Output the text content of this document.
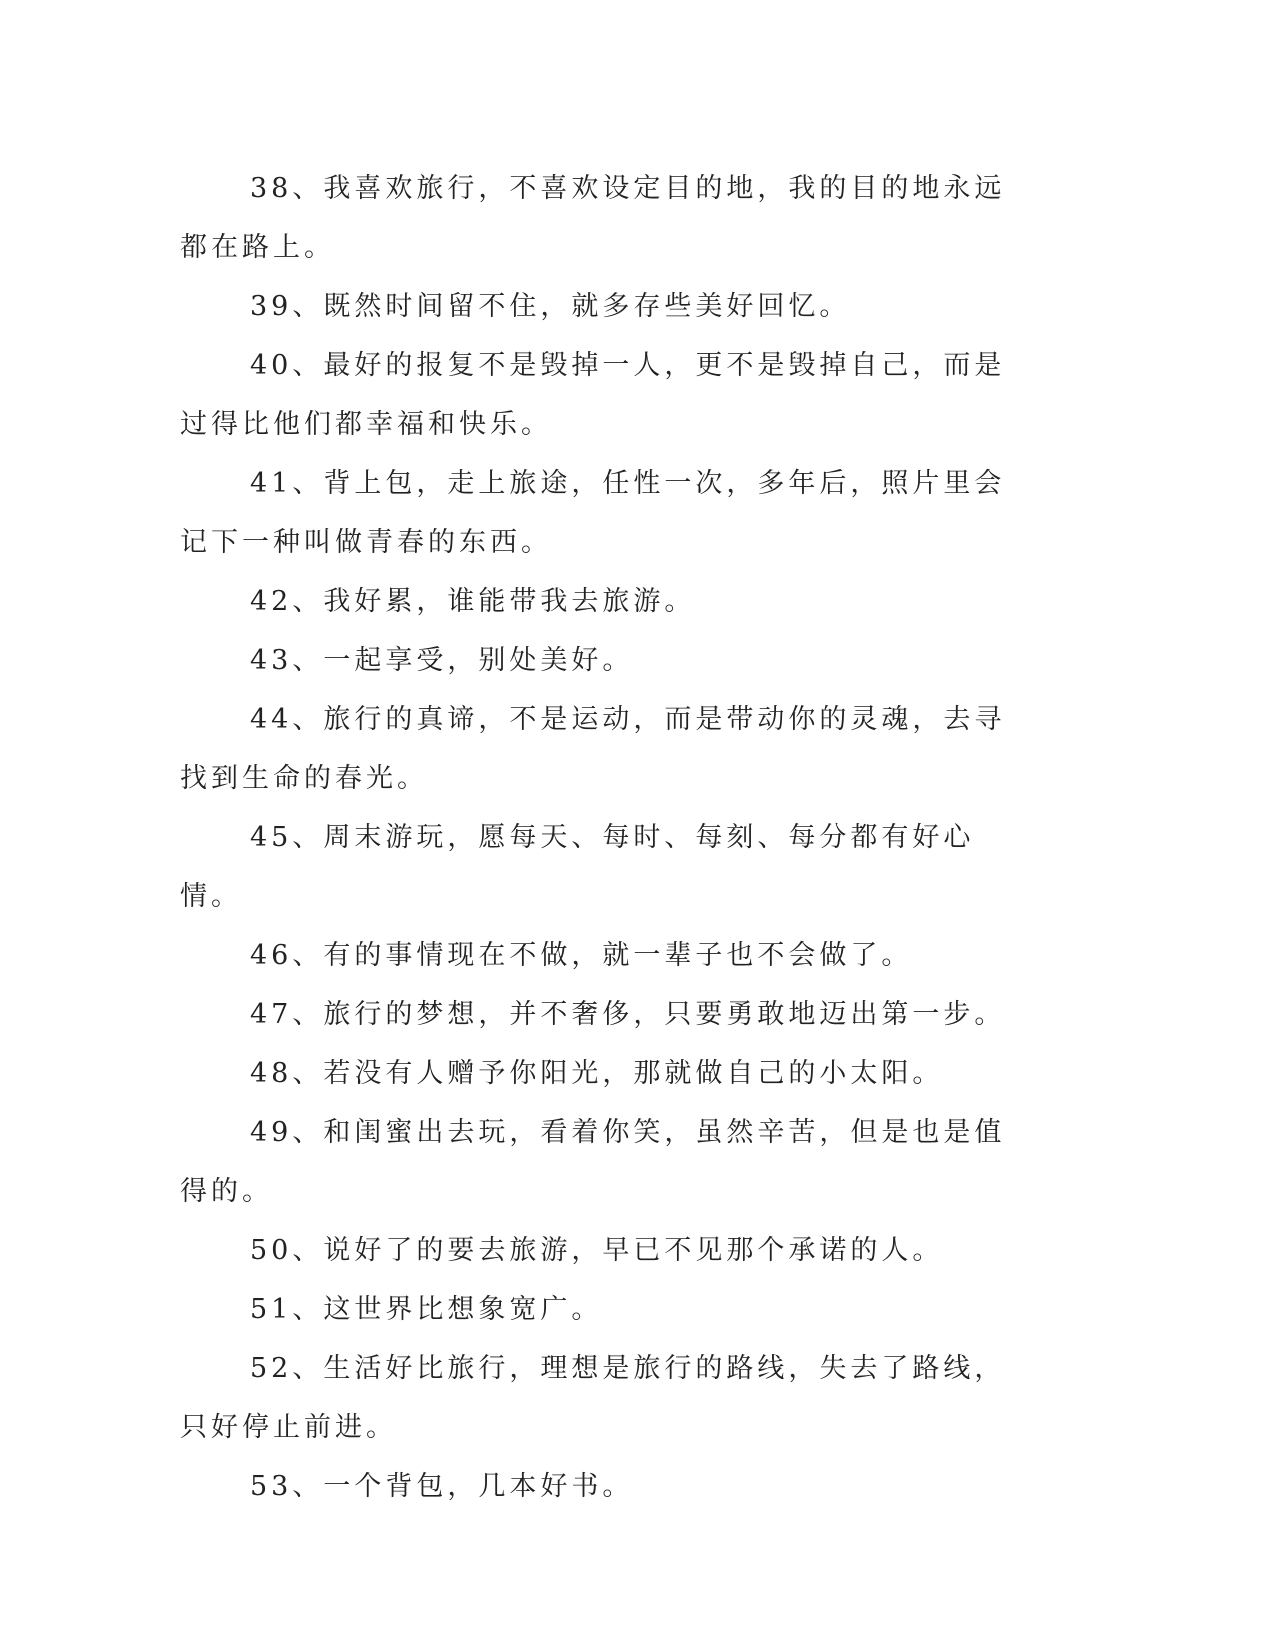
38、我喜欢旅行，不喜欢设定目的地，我的目的地永远都在路上。

39、既然时间留不住，就多存些美好回忆。

40、最好的报复不是毁掉一人，更不是毁掉自己，而是过得比他们都幸福和快乐。

41、背上包，走上旅途，任性一次，多年后，照片里会记下一种叫做青春的东西。

42、我好累，谁能带我去旅游。

43、一起享受，别处美好。

44、旅行的真谛，不是运动，而是带动你的灵魂，去寻找到生命的春光。

45、周末游玩，愿每天、每时、每刻、每分都有好心情。

46、有的事情现在不做，就一辈子也不会做了。

47、旅行的梦想，并不奢侈，只要勇敢地迈出第一步。

48、若没有人赠予你阳光，那就做自己的小太阳。

49、和闺蜜出去玩，看着你笑，虽然辛苦，但是也是值得的。

50、说好了的要去旅游，早已不见那个承诺的人。

51、这世界比想象宽广。

52、生活好比旅行，理想是旅行的路线，失去了路线，只好停止前进。

53、一个背包，几本好书。
